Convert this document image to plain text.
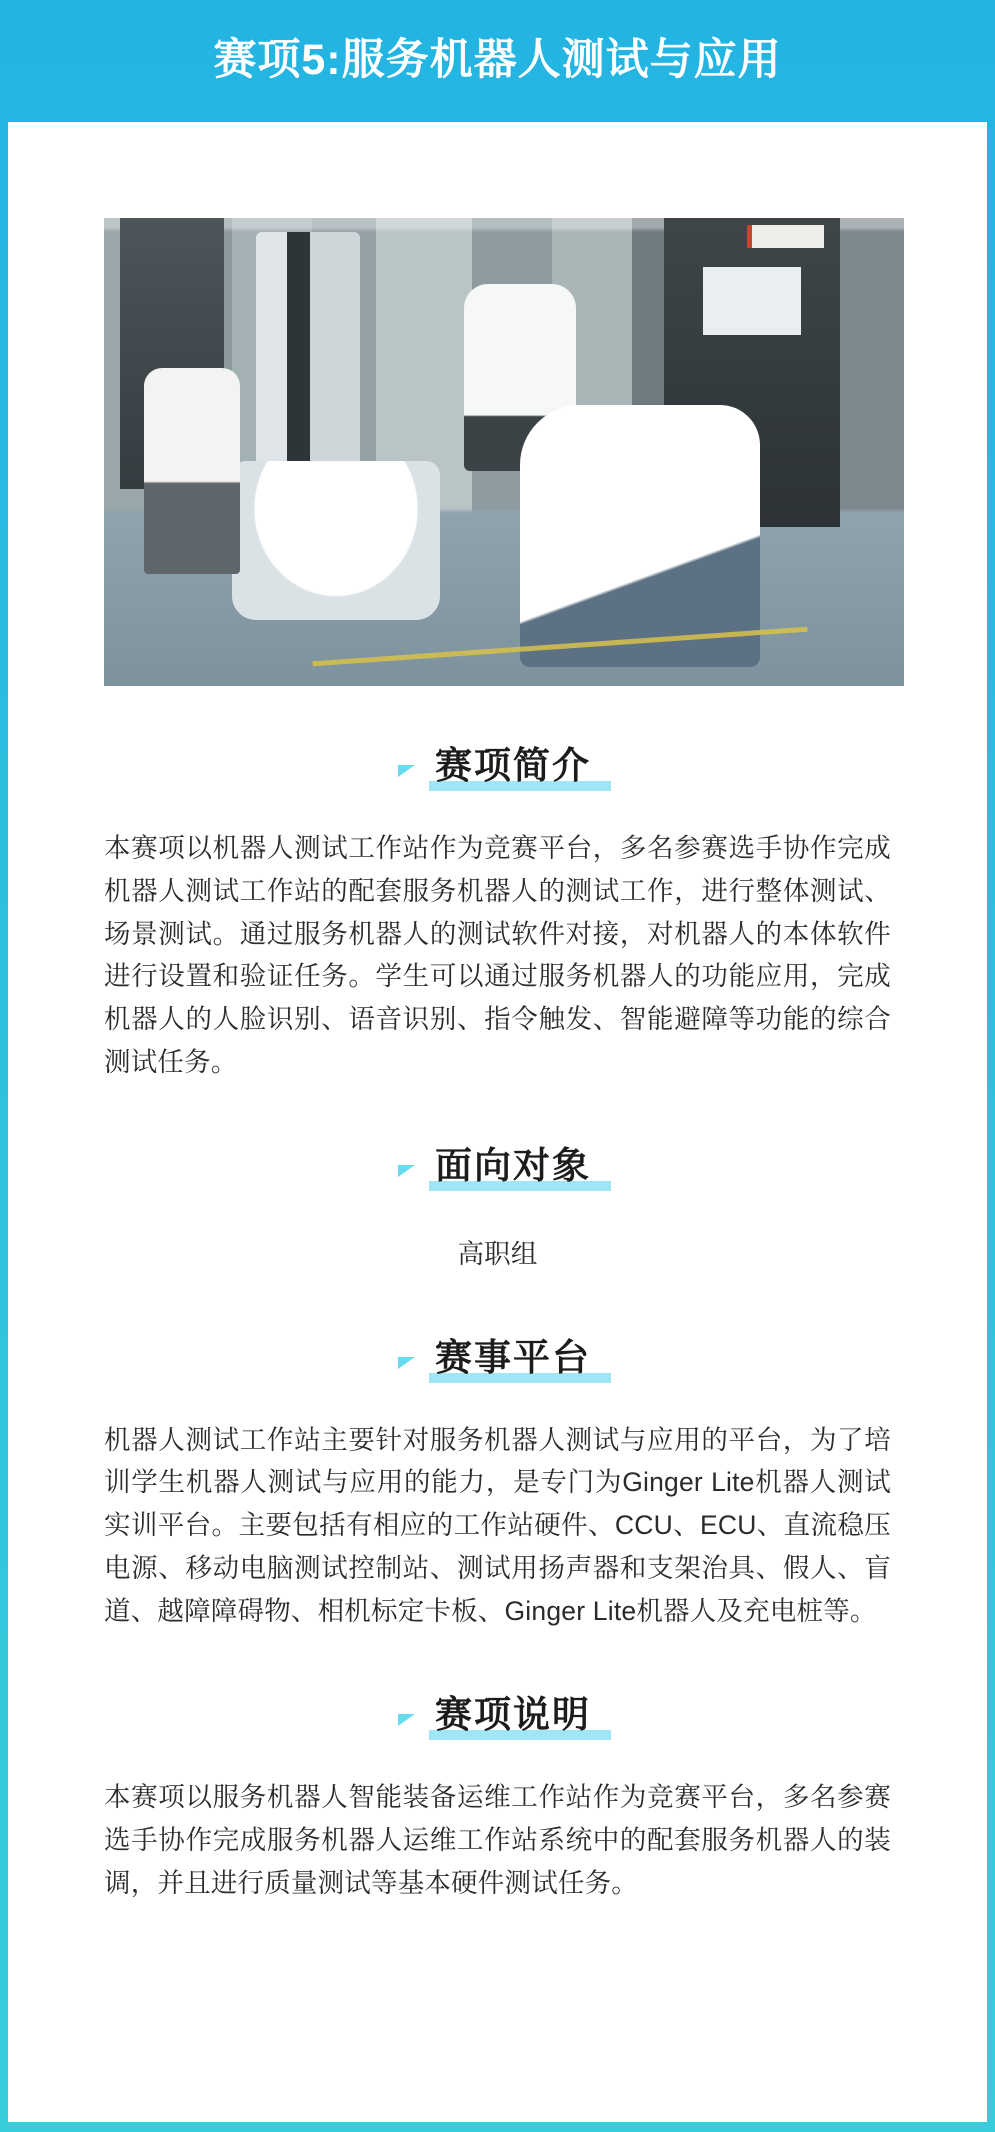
赛项5:服务机器人测试与应用
赛项简介

本赛项以机器人测试工作站作为竞赛平台，多名参赛选手协作完成机器人测试工作站的配套服务机器人的测试工作，进行整体测试、场景测试。通过服务机器人的测试软件对接，对机器人的本体软件进行设置和验证任务。学生可以通过服务机器人的功能应用，完成机器人的人脸识别、语音识别、指令触发、智能避障等功能的综合测试任务。

面向对象

高职组

赛事平台

机器人测试工作站主要针对服务机器人测试与应用的平台，为了培训学生机器人测试与应用的能力，是专门为Ginger Lite机器人测试实训平台。主要包括有相应的工作站硬件、CCU、ECU、直流稳压电源、移动电脑测试控制站、测试用扬声器和支架治具、假人、盲道、越障障碍物、相机标定卡板、Ginger Lite机器人及充电桩等。

赛项说明

本赛项以服务机器人智能装备运维工作站作为竞赛平台，多名参赛选手协作完成服务机器人运维工作站系统中的配套服务机器人的装调，并且进行质量测试等基本硬件测试任务。
